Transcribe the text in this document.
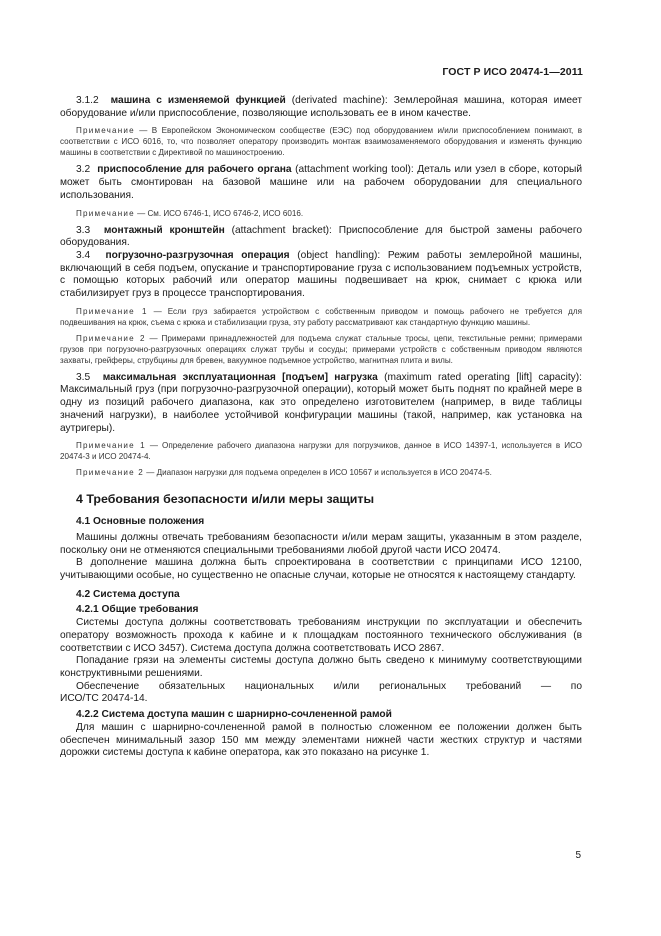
ГОСТ Р ИСО 20474-1—2011

3.1.2 машина с изменяемой функцией (derivated machine): Землеройная машина, которая имеет оборудование и/или приспособление, позволяющие использовать ее в ином качестве.

Примечание — В Европейском Экономическом сообществе (ЕЭС) под оборудованием и/или приспособлением понимают, в соответствии с ИСО 6016, то, что позволяет оператору производить монтаж взаимозаменяемого оборудования и изменять функцию машины в соответствии с Директивой по машиностроению.

3.2 приспособление для рабочего органа (attachment working tool): Деталь или узел в сборе, который может быть смонтирован на базовой машине или на рабочем оборудовании для специального использования.

Примечание — См. ИСО 6746-1, ИСО 6746-2, ИСО 6016.

3.3 монтажный кронштейн (attachment bracket): Приспособление для быстрой замены рабочего оборудования.

3.4 погрузочно-разгрузочная операция (object handling): Режим работы землеройной машины, включающий в себя подъем, опускание и транспортирование груза с использованием подъемных устройств, с помощью которых рабочий или оператор машины подвешивает на крюк, снимает с крюка или стабилизирует груз в процессе транспортирования.

Примечание 1 — Если груз забирается устройством с собственным приводом и помощь рабочего не требуется для подвешивания на крюк, съема с крюка и стабилизации груза, эту работу рассматривают как стандартную функцию машины.

Примечание 2 — Примерами принадлежностей для подъема служат стальные тросы, цепи, текстильные ремни; примерами грузов при погрузочно-разгрузочных операциях служат трубы и сосуды; примерами устройств с собственным приводом являются захваты, грейферы, струбцины для бревен, вакуумное подъемное устройство, магнитная плита и вилы.

3.5 максимальная эксплуатационная [подъем] нагрузка (maximum rated operating [lift] capacity): Максимальный груз (при погрузочно-разгрузочной операции), который может быть поднят по крайней мере в одну из позиций рабочего диапазона, как это определено изготовителем (например, в виде таблицы значений нагрузки), в наиболее устойчивой конфигурации машины (такой, например, как установка на аутригеры).

Примечание 1 — Определение рабочего диапазона нагрузки для погрузчиков, данное в ИСО 14397-1, используется в ИСО 20474-3 и ИСО 20474-4.

Примечание 2 — Диапазон нагрузки для подъема определен в ИСО 10567 и используется в ИСО 20474-5.

4 Требования безопасности и/или меры защиты
4.1 Основные положения

Машины должны отвечать требованиям безопасности и/или мерам защиты, указанным в этом разделе, поскольку они не отменяются специальными требованиями любой другой части ИСО 20474.

В дополнение машина должна быть спроектирована в соответствии с принципами ИСО 12100, учитывающими особые, но существенно не опасные случаи, которые не относятся к настоящему стандарту.

4.2 Система доступа
4.2.1 Общие требования

Системы доступа должны соответствовать требованиям инструкции по эксплуатации и обеспечить оператору возможность прохода к кабине и к площадкам постоянного технического обслуживания (в соответствии с ИСО 3457). Система доступа должна соответствовать ИСО 2867.

Попадание грязи на элементы системы доступа должно быть сведено к минимуму соответствующими конструктивными решениями.

Обеспечение обязательных национальных и/или региональных требований — по

ИСО/ТС 20474-14.

4.2.2 Система доступа машин с шарнирно-сочлененной рамой

Для машин с шарнирно-сочлененной рамой в полностью сложенном ее положении должен быть обеспечен минимальный зазор 150 мм между элементами нижней части жестких структур и частями дорожки системы доступа к кабине оператора, как это показано на рисунке 1.

5
